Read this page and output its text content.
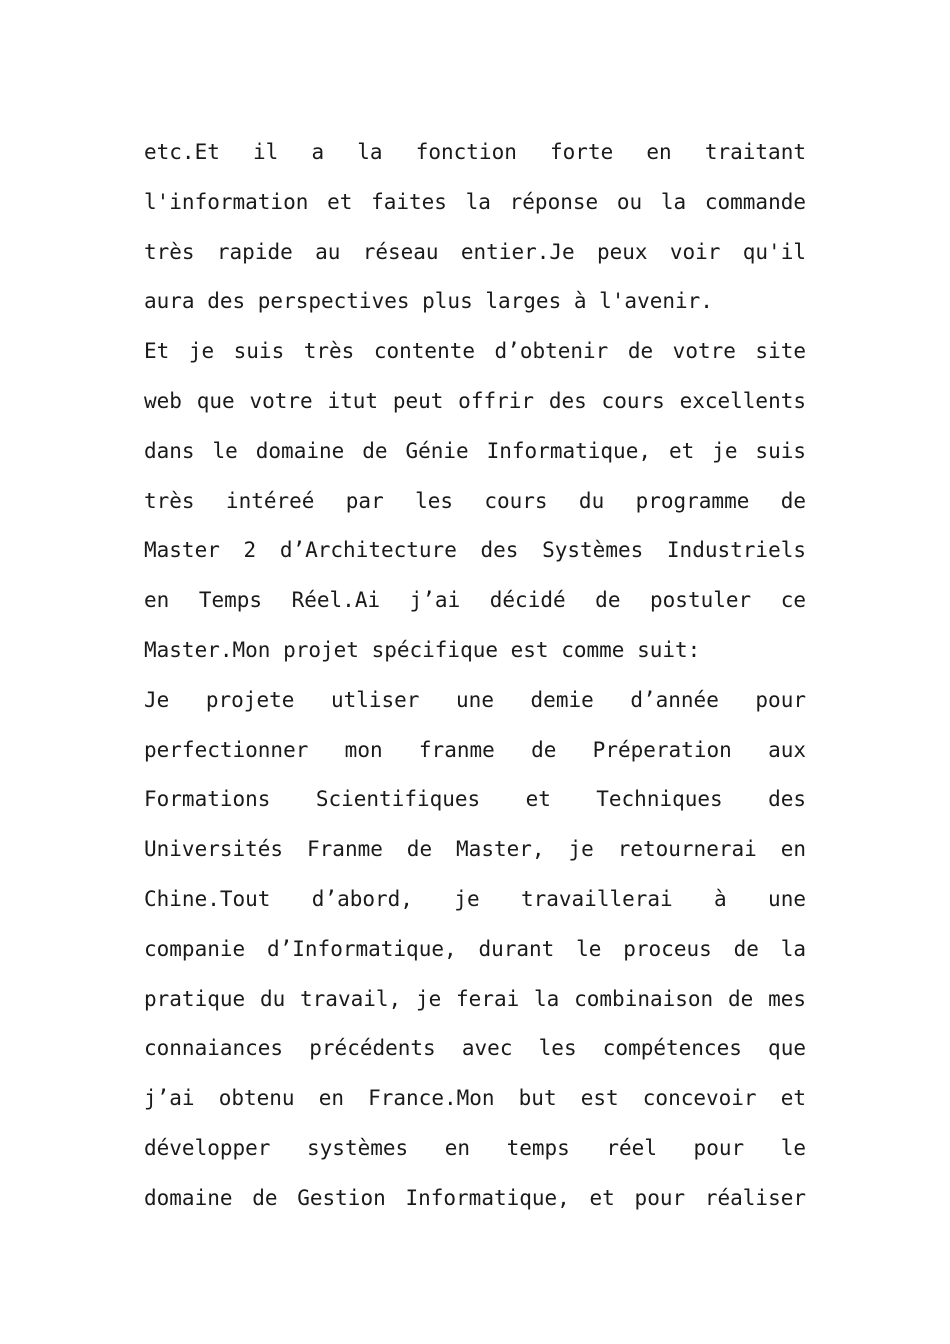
etc.Et il a la fonction forte en traitant
l'information et faites la réponse ou la commande
très rapide au réseau entier.Je peux voir qu'il
aura des perspectives plus larges à l'avenir.
Et je suis très contente d’obtenir de votre site
web que votre itut peut offrir des cours excellents
dans le domaine de Génie Informatique, et je suis
très intéreé par les cours du programme de
Master 2 d’Architecture des Systèmes Industriels
en Temps Réel.Ai j’ai décidé de postuler ce
Master.Mon projet spécifique est comme suit:
Je projete utliser une demie d’année pour
perfectionner mon franme de Préperation aux
Formations Scientifiques et Techniques des
Universités Franme de Master, je retournerai en
Chine.Tout d’abord, je travaillerai à une
companie d’Informatique, durant le proceus de la
pratique du travail, je ferai la combinaison de mes
connaiances précédents avec les compétences que
j’ai obtenu en France.Mon but est concevoir et
développer systèmes en temps réel pour le
domaine de Gestion Informatique, et pour réaliser
